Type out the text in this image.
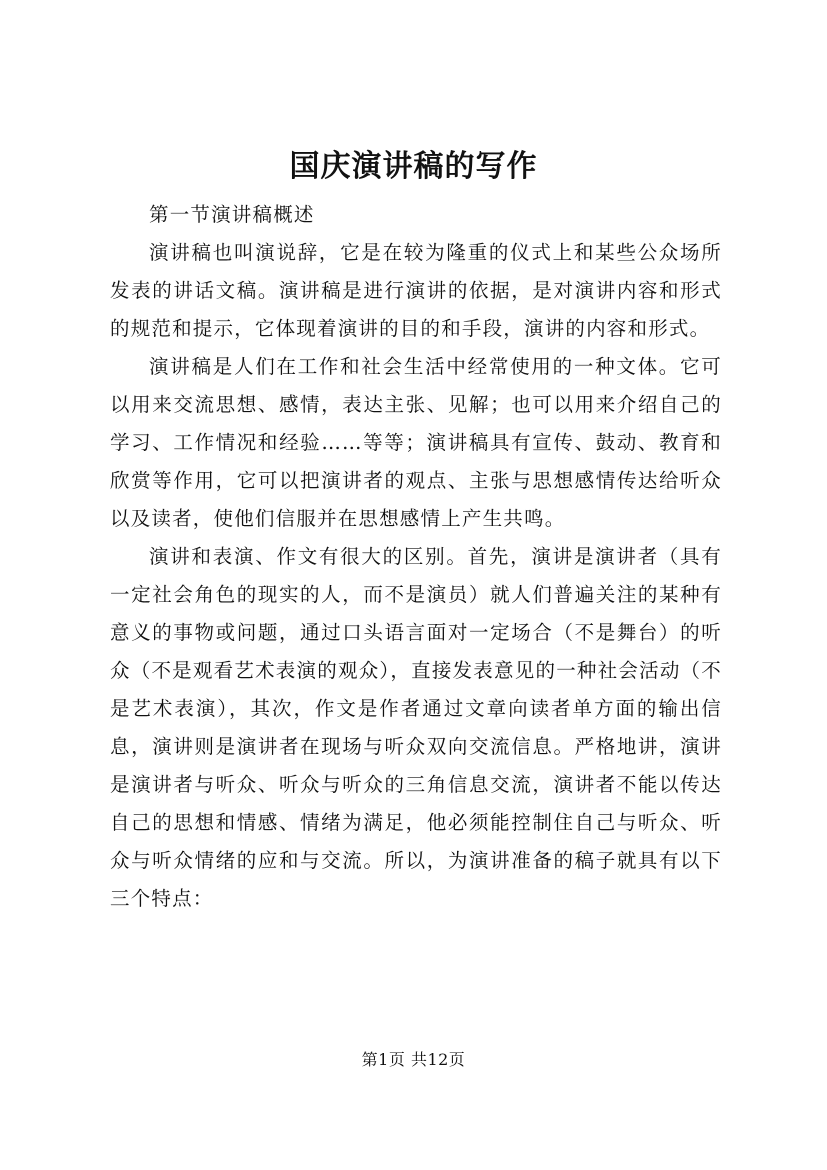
国庆演讲稿的写作

第一节演讲稿概述

演讲稿也叫演说辞，它是在较为隆重的仪式上和某些公众场所发表的讲话文稿。演讲稿是进行演讲的依据，是对演讲内容和形式的规范和提示，它体现着演讲的目的和手段，演讲的内容和形式。

演讲稿是人们在工作和社会生活中经常使用的一种文体。它可以用来交流思想、感情，表达主张、见解；也可以用来介绍自己的学习、工作情况和经验……等等；演讲稿具有宣传、鼓动、教育和欣赏等作用，它可以把演讲者的观点、主张与思想感情传达给听众以及读者，使他们信服并在思想感情上产生共鸣。

演讲和表演、作文有很大的区别。首先，演讲是演讲者（具有一定社会角色的现实的人，而不是演员）就人们普遍关注的某种有意义的事物或问题，通过口头语言面对一定场合（不是舞台）的听众（不是观看艺术表演的观众），直接发表意见的一种社会活动（不是艺术表演），其次，作文是作者通过文章向读者单方面的输出信息，演讲则是演讲者在现场与听众双向交流信息。严格地讲，演讲是演讲者与听众、听众与听众的三角信息交流，演讲者不能以传达自己的思想和情感、情绪为满足，他必须能控制住自己与听众、听众与听众情绪的应和与交流。所以，为演讲准备的稿子就具有以下三个特点：

第1页 共12页
